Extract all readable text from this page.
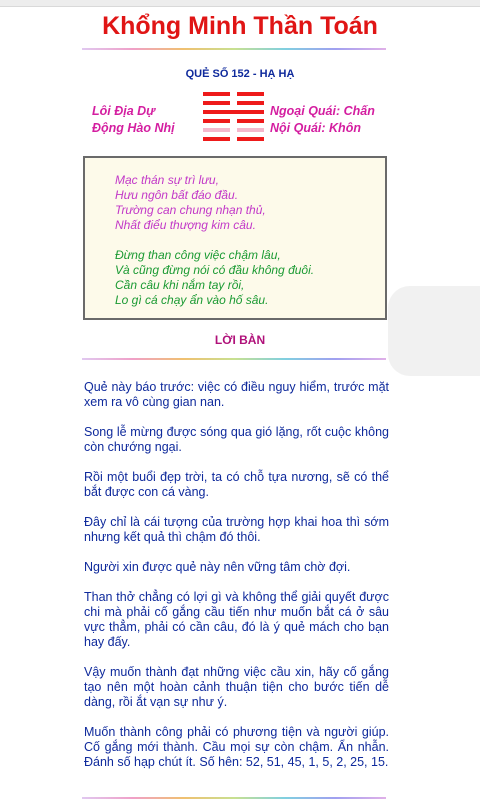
Khổng Minh Thần Toán
QUẺ SỐ 152 - HẠ HẠ
Lôi Địa Dự
Động Hào Nhị
Ngoại Quái: Chấn
Nội Quái: Khôn
Mạc thán sự trì lưu,
Hưu ngôn bất đáo đầu.
Trường can chung nhạn thủ,
Nhất điểu thượng kim câu.
Đừng than công việc chậm lâu,
Và cũng đừng nói có đầu không đuôi.
Cần câu khi nắm tay rồi,
Lo gì cá chạy ẩn vào hố sâu.
LỜI BÀN

Quẻ này báo trước: việc có điều nguy hiểm, trước mặt xem ra vô cùng gian nan.

Song lễ mừng được sóng qua gió lặng, rốt cuộc không còn chướng ngại.

Rồi một buổi đẹp trời, ta có chỗ tựa nương, sẽ có thể bắt được con cá vàng.

Đây chỉ là cái tượng của trường hợp khai hoa thì sớm nhưng kết quả thì chậm đó thôi.

Người xin được quẻ này nên vững tâm chờ đợi.

Than thở chẳng có lợi gì và không thể giải quyết được chi mà phải cố gắng cầu tiến như muốn bắt cá ở sâu vực thẳm, phải có cần câu, đó là ý quẻ mách cho bạn hay đấy.

Vậy muốn thành đạt những việc cầu xin, hãy cố gắng tạo nên một hoàn cảnh thuận tiện cho bước tiến dễ dàng, rồi ắt vạn sự như ý.

Muốn thành công phải có phương tiện và người giúp. Cố gắng mới thành. Cầu mọi sự còn chậm. Ẩn nhẫn. Đánh số hạp chút ít. Số hên: 52, 51, 45, 1, 5, 2, 25, 15.
